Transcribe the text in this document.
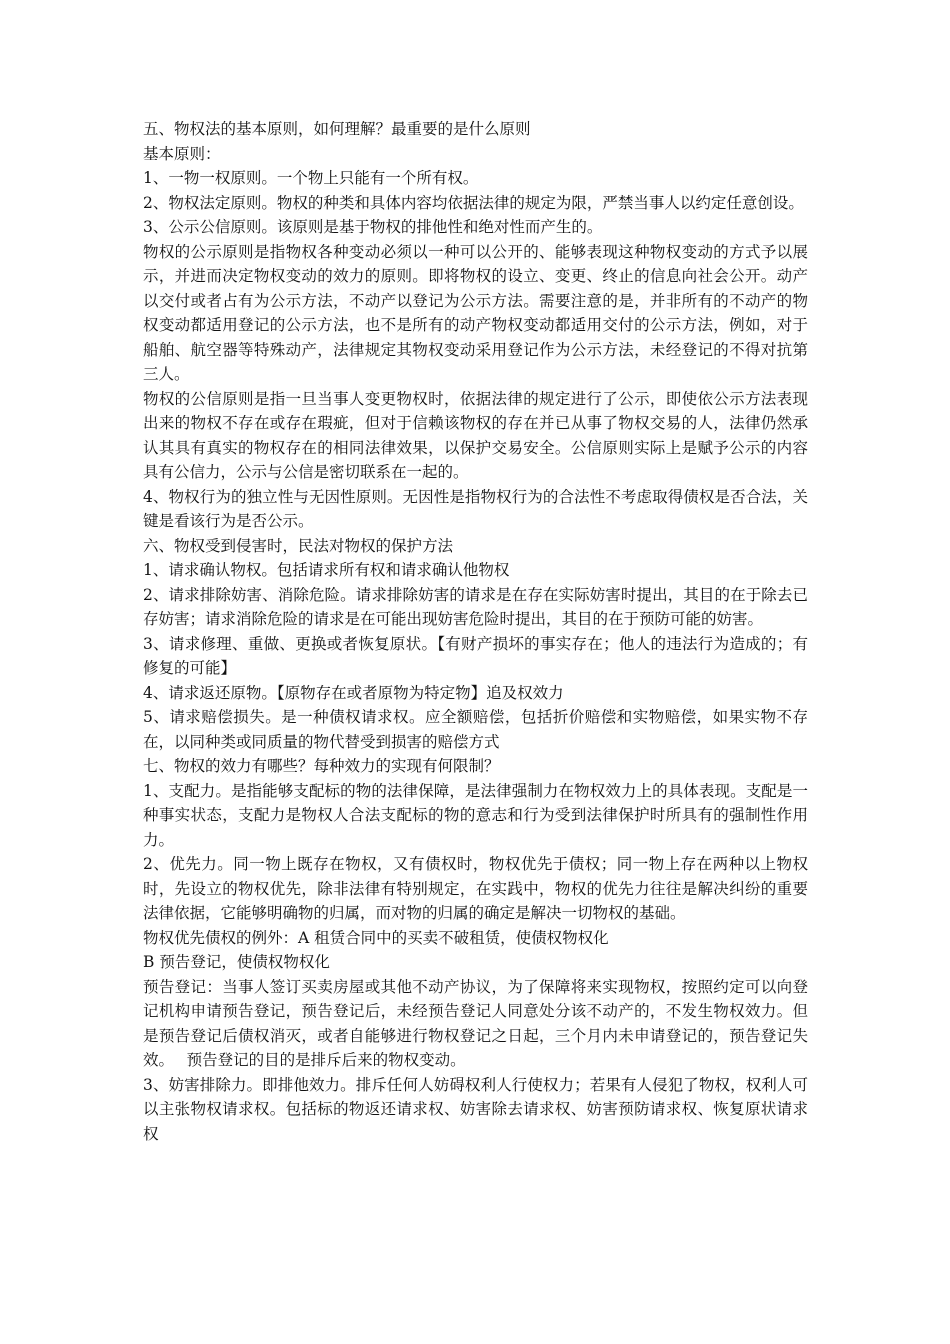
五、物权法的基本原则，如何理解？最重要的是什么原则

基本原则：

1、一物一权原则。一个物上只能有一个所有权。

2、物权法定原则。物权的种类和具体内容均依据法律的规定为限，严禁当事人以约定任意创设。

3、公示公信原则。该原则是基于物权的排他性和绝对性而产生的。

物权的公示原则是指物权各种变动必须以一种可以公开的、能够表现这种物权变动的方式予以展示，并进而决定物权变动的效力的原则。即将物权的设立、变更、终止的信息向社会公开。动产以交付或者占有为公示方法，不动产以登记为公示方法。需要注意的是，并非所有的不动产的物权变动都适用登记的公示方法，也不是所有的动产物权变动都适用交付的公示方法，例如，对于船舶、航空器等特殊动产，法律规定其物权变动采用登记作为公示方法，未经登记的不得对抗第三人。

物权的公信原则是指一旦当事人变更物权时，依据法律的规定进行了公示，即使依公示方法表现出来的物权不存在或存在瑕疵，但对于信赖该物权的存在并已从事了物权交易的人，法律仍然承认其具有真实的物权存在的相同法律效果，以保护交易安全。公信原则实际上是赋予公示的内容具有公信力，公示与公信是密切联系在一起的。

4、物权行为的独立性与无因性原则。无因性是指物权行为的合法性不考虑取得债权是否合法，关键是看该行为是否公示。

六、物权受到侵害时，民法对物权的保护方法

1、请求确认物权。包括请求所有权和请求确认他物权

2、请求排除妨害、消除危险。请求排除妨害的请求是在存在实际妨害时提出，其目的在于除去已存妨害；请求消除危险的请求是在可能出现妨害危险时提出，其目的在于预防可能的妨害。

3、请求修理、重做、更换或者恢复原状。【有财产损坏的事实存在；他人的违法行为造成的；有修复的可能】

4、请求返还原物。【原物存在或者原物为特定物】追及权效力

5、请求赔偿损失。是一种债权请求权。应全额赔偿，包括折价赔偿和实物赔偿，如果实物不存在，以同种类或同质量的物代替受到损害的赔偿方式

七、物权的效力有哪些？每种效力的实现有何限制？

1、支配力。是指能够支配标的物的法律保障，是法律强制力在物权效力上的具体表现。支配是一种事实状态，支配力是物权人合法支配标的物的意志和行为受到法律保护时所具有的强制性作用力。

2、优先力。同一物上既存在物权，又有债权时，物权优先于债权；同一物上存在两种以上物权时，先设立的物权优先，除非法律有特别规定，在实践中，物权的优先力往往是解决纠纷的重要法律依据，它能够明确物的归属，而对物的归属的确定是解决一切物权的基础。

物权优先债权的例外：A 租赁合同中的买卖不破租赁，使债权物权化

B 预告登记，使债权物权化

预告登记：当事人签订买卖房屋或其他不动产协议，为了保障将来实现物权，按照约定可以向登记机构申请预告登记，预告登记后，未经预告登记人同意处分该不动产的，不发生物权效力。但是预告登记后债权消灭，或者自能够进行物权登记之日起，三个月内未申请登记的，预告登记失效。　 预告登记的目的是排斥后来的物权变动。

3、妨害排除力。即排他效力。排斥任何人妨碍权利人行使权力；若果有人侵犯了物权，权利人可以主张物权请求权。包括标的物返还请求权、妨害除去请求权、妨害预防请求权、恢复原状请求权
